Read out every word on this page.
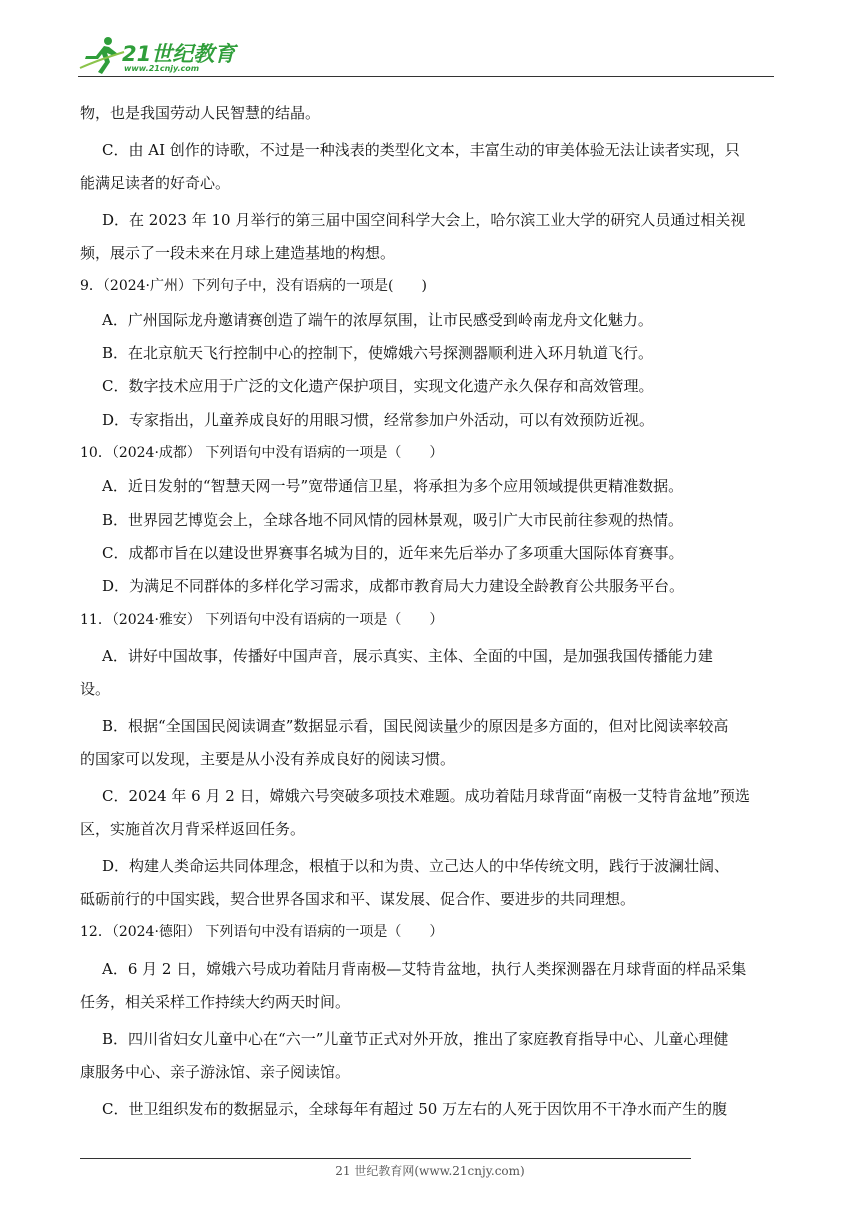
21世纪教育
www.21cnjy.com
物，也是我国劳动人民智慧的结晶。
C．由 AI 创作的诗歌，不过是一种浅表的类型化文本，丰富生动的审美体验无法让读者实现，只
能满足读者的好奇心。
D．在 2023 年 10 月举行的第三届中国空间科学大会上，哈尔滨工业大学的研究人员通过相关视
频，展示了一段未来在月球上建造基地的构想。
9．（2024·广州）下列句子中，没有语病的一项是(　　)
A．广州国际龙舟邀请赛创造了端午的浓厚氛围，让市民感受到岭南龙舟文化魅力。
B．在北京航天飞行控制中心的控制下，使嫦娥六号探测器顺利进入环月轨道飞行。
C．数字技术应用于广泛的文化遗产保护项目，实现文化遗产永久保存和高效管理。
D．专家指出，儿童养成良好的用眼习惯，经常参加户外活动，可以有效预防近视。
10．（2024·成都） 下列语句中没有语病的一项是（　　）
A．近日发射的“智慧天网一号”宽带通信卫星，将承担为多个应用领域提供更精准数据。
B．世界园艺博览会上，全球各地不同风情的园林景观，吸引广大市民前往参观的热情。
C．成都市旨在以建设世界赛事名城为目的，近年来先后举办了多项重大国际体育赛事。
D．为满足不同群体的多样化学习需求，成都市教育局大力建设全龄教育公共服务平台。
11．（2024·雅安） 下列语句中没有语病的一项是（　　）
A．讲好中国故事，传播好中国声音，展示真实、主体、全面的中国，是加强我国传播能力建
设。
B．根据“全国国民阅读调查”数据显示看，国民阅读量少的原因是多方面的，但对比阅读率较高
的国家可以发现，主要是从小没有养成良好的阅读习惯。
C．2024 年 6 月 2 日，嫦娥六号突破多项技术难题。成功着陆月球背面“南极一艾特肯盆地”预选
区，实施首次月背采样返回任务。
D．构建人类命运共同体理念，根植于以和为贵、立己达人的中华传统文明，践行于波澜壮阔、
砥砺前行的中国实践，契合世界各国求和平、谋发展、促合作、要进步的共同理想。
12．（2024·德阳） 下列语句中没有语病的一项是（　　）
A．6 月 2 日，嫦娥六号成功着陆月背南极—艾特肯盆地，执行人类探测器在月球背面的样品采集
任务，相关采样工作持续大约两天时间。
B．四川省妇女儿童中心在“六一”儿童节正式对外开放，推出了家庭教育指导中心、儿童心理健
康服务中心、亲子游泳馆、亲子阅读馆。
C．世卫组织发布的数据显示，全球每年有超过 50 万左右的人死于因饮用不干净水而产生的腹
21 世纪教育网(www.21cnjy.com)
